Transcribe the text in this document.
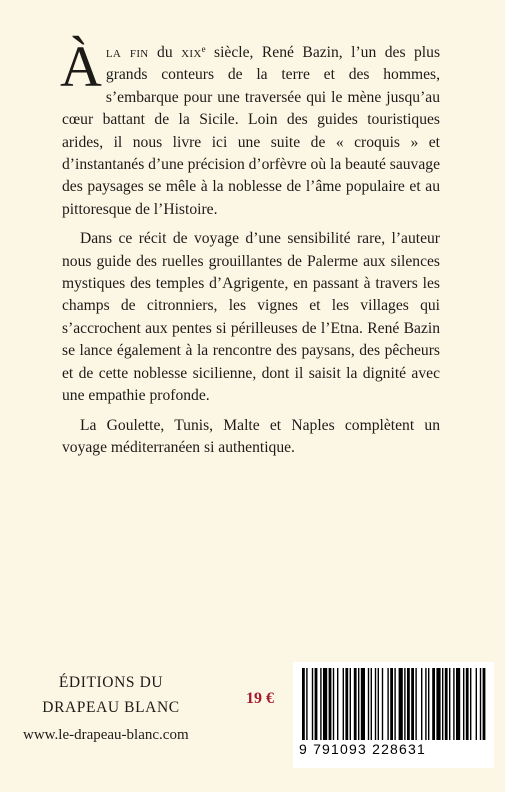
Àla fin du xix$^e$ siècle, René Bazin, l’un des plus grands conteurs de la terre et des hommes, s’embarque pour une traversée qui le mène jusqu’au cœur battant de la Sicile. Loin des guides touristiques arides, il nous livre ici une suite de « croquis » et d’instantanés d’une précision d’orfèvre où la beauté sauvage des paysages se mêle à la noblesse de l’âme populaire et au pittoresque de l’Histoire.

Dans ce récit de voyage d’une sensibilité rare, l’auteur nous guide des ruelles grouillantes de Palerme aux silences mystiques des temples d’Agrigente, en passant à travers les champs de citronniers, les vignes et les villages qui s’accrochent aux pentes si périlleuses de l’Etna. René Bazin se lance également à la rencontre des paysans, des pêcheurs et de cette noblesse sicilienne, dont il saisit la dignité avec une empathie profonde.

La Goulette, Tunis, Malte et Naples complètent un voyage méditerranéen si authentique.

ÉDITIONS DU
DRAPEAU BLANC
www.le-drapeau-blanc.com
19 €
9 791093 228631
